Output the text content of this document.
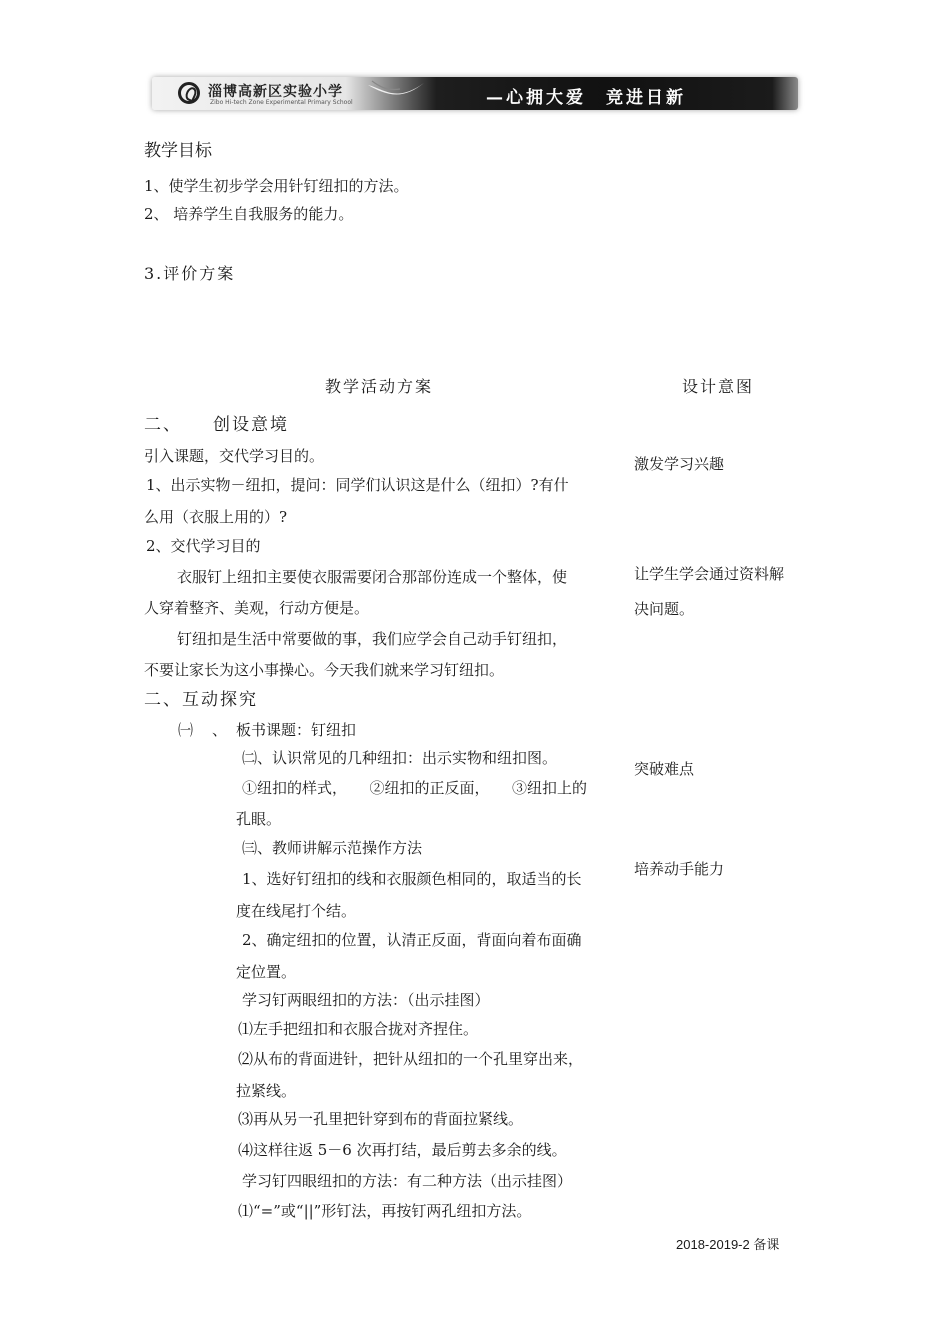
淄博高新区实验小学
Zibo Hi-tech Zone Experimental Primary School	—心拥大爱　竞进日新
教学目标
1、使学生初步学会用针钉纽扣的方法。
2、 培养学生自我服务的能力。
3.评价方案
教学活动方案	设计意图
二、 创设意境
引入课题，交代学习目的。
1、出示实物－纽扣，提问：同学们认识这是什么（纽扣）?有什
么用（衣服上用的）?
2、交代学习目的
衣服钉上纽扣主要使衣服需要闭合那部份连成一个整体，使
人穿着整齐、美观，行动方便是。
钉纽扣是生活中常要做的事，我们应学会自己动手钉纽扣，
不要让家长为这小事操心。今天我们就来学习钉纽扣。
二、互动探究
㈠ 、 板书课题：钉纽扣
㈡、认识常见的几种纽扣：出示实物和纽扣图。
①纽扣的样式，　　②纽扣的正反面，　　③纽扣上的
孔眼。
㈢、教师讲解示范操作方法
1、选好钉纽扣的线和衣服颜色相同的，取适当的长
度在线尾打个结。
2、确定纽扣的位置，认清正反面，背面向着布面确
定位置。
学习钉两眼纽扣的方法：（出示挂图）
⑴左手把纽扣和衣服合拢对齐捏住。
⑵从布的背面进针，把针从纽扣的一个孔里穿出来，
拉紧线。
⑶再从另一孔里把针穿到布的背面拉紧线。
⑷这样往返 5－6 次再打结，最后剪去多余的线。
学习钉四眼纽扣的方法：有二种方法（出示挂图）
⑴“=”或“||”形钉法，再按钉两孔纽扣方法。
激发学习兴趣
让学生学会通过资料解
决问题。
突破难点
培养动手能力
2018-2019-2 备课
